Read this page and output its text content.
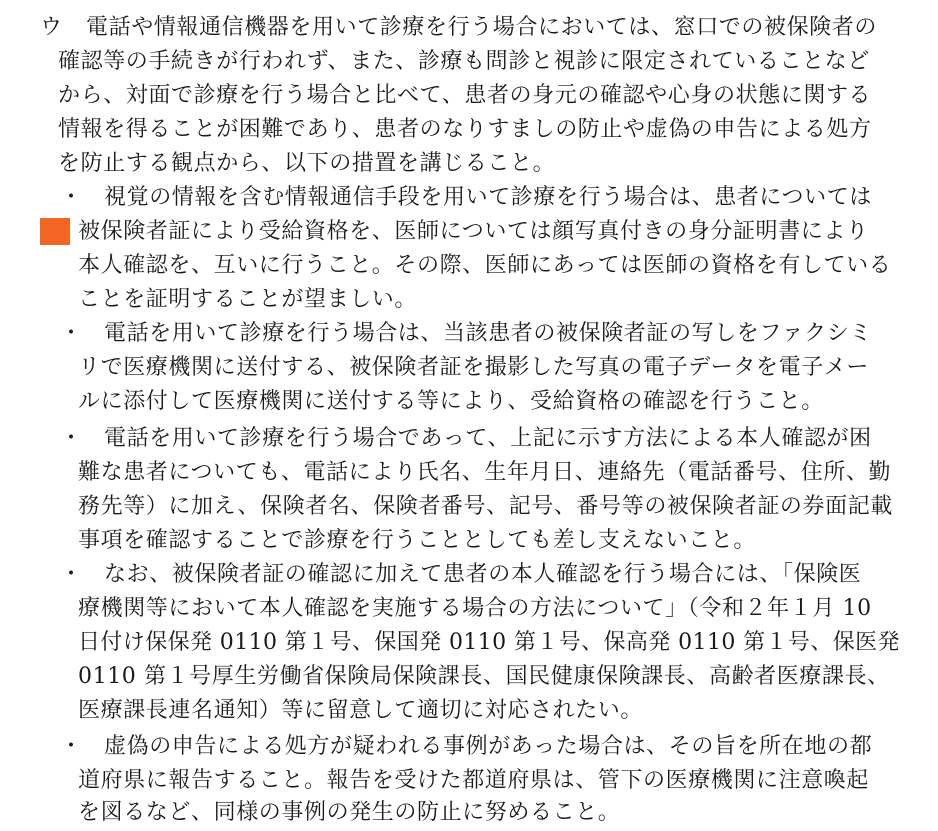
ウ 電話や情報通信機器を用いて診療を行う場合においては、窓口での被保険者の
確認等の手続きが行われず、また、診療も問診と視診に限定されていることなど
から、対面で診療を行う場合と比べて、患者の身元の確認や心身の状態に関する
情報を得ることが困難であり、患者のなりすましの防止や虚偽の申告による処方
を防止する観点から、以下の措置を講じること。
・ 視覚の情報を含む情報通信手段を用いて診療を行う場合は、患者については
被保険者証により受給資格を、医師については顔写真付きの身分証明書により
本人確認を、互いに行うこと。その際、医師にあっては医師の資格を有している
ことを証明することが望ましい。
・ 電話を用いて診療を行う場合は、当該患者の被保険者証の写しをファクシミ
リで医療機関に送付する、被保険者証を撮影した写真の電子データを電子メー
ルに添付して医療機関に送付する等により、受給資格の確認を行うこと。
・ 電話を用いて診療を行う場合であって、上記に示す方法による本人確認が困
難な患者についても、電話により氏名、生年月日、連絡先（電話番号、住所、勤
務先等）に加え、保険者名、保険者番号、記号、番号等の被保険者証の券面記載
事項を確認することで診療を行うこととしても差し支えないこと。
・ なお、被保険者証の確認に加えて患者の本人確認を行う場合には、「保険医
療機関等において本人確認を実施する場合の方法について」（令和２年１月 10
日付け保保発 0110 第１号、保国発 0110 第１号、保高発 0110 第１号、保医発
0110 第１号厚生労働省保険局保険課長、国民健康保険課長、高齢者医療課長、
医療課長連名通知）等に留意して適切に対応されたい。
・ 虚偽の申告による処方が疑われる事例があった場合は、その旨を所在地の都
道府県に報告すること。報告を受けた都道府県は、管下の医療機関に注意喚起
を図るなど、同様の事例の発生の防止に努めること。
